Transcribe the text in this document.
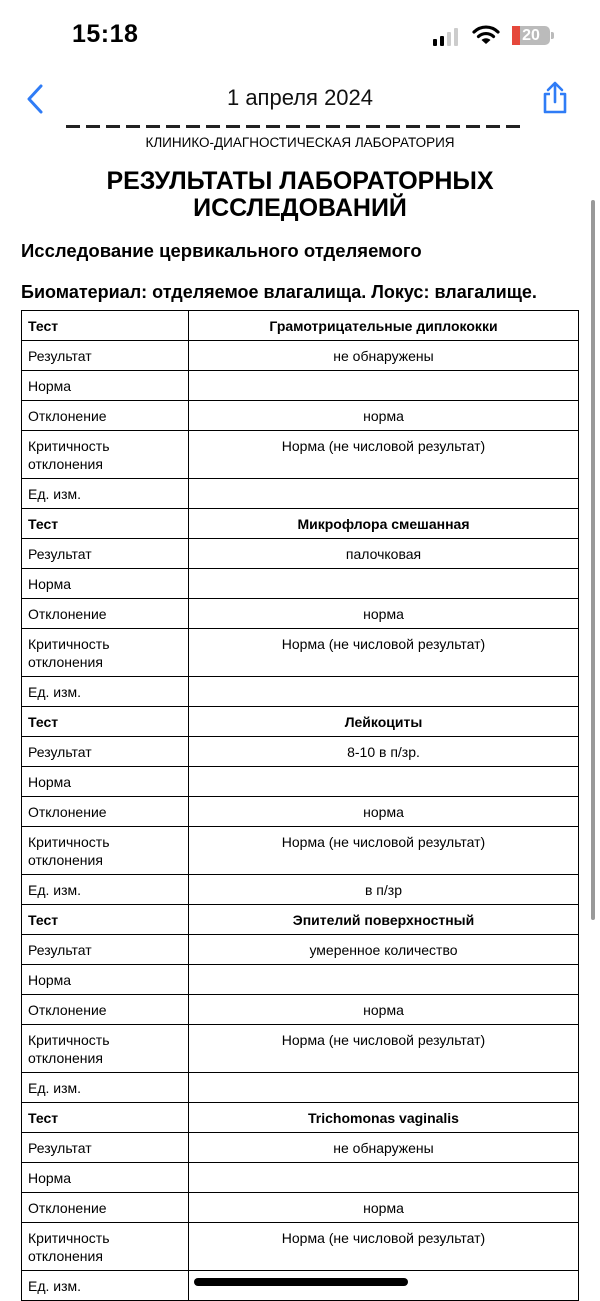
15:18	20
1 апреля 2024
КЛИНИКО-ДИАГНОСТИЧЕСКАЯ ЛАБОРАТОРИЯ
РЕЗУЛЬТАТЫ ЛАБОРАТОРНЫХ
ИССЛЕДОВАНИЙ
Исследование цервикального отделяемого
Биоматериал: отделяемое влагалища. Локус: влагалище.
Тест	Грамотрицательные диплококки
Результат	не обнаружены
Норма	
Отклонение	норма
Критичность отклонения	Норма (не числовой результат)
Ед. изм.	
Тест	Микрофлора смешанная
Результат	палочковая
Норма	
Отклонение	норма
Критичность отклонения	Норма (не числовой результат)
Ед. изм.	
Тест	Лейкоциты
Результат	8-10 в п/зр.
Норма	
Отклонение	норма
Критичность отклонения	Норма (не числовой результат)
Ед. изм.	в п/зр
Тест	Эпителий поверхностный
Результат	умеренное количество
Норма	
Отклонение	норма
Критичность отклонения	Норма (не числовой результат)
Ед. изм.	
Тест	Trichomonas vaginalis
Результат	не обнаружены
Норма	
Отклонение	норма
Критичность отклонения	Норма (не числовой результат)
Ед. изм.	
